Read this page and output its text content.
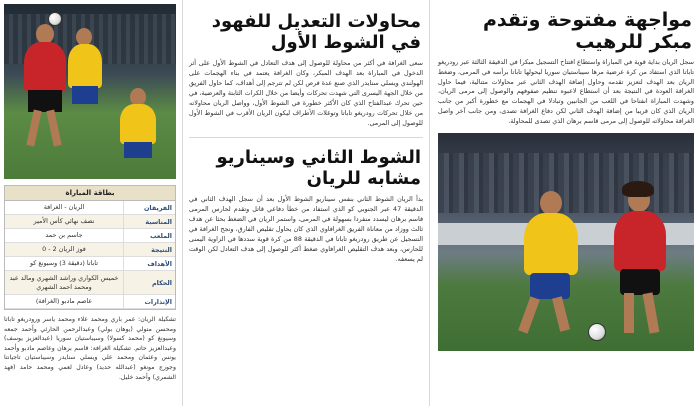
مواجهة مفتوحة وتقدم مبكر للرهيب

سجل الريان بداية قوية في المباراة واستطاع افتتاح التسجيل مبكرا في الدقيقة الثالثة عبر رودريغو تاباتا الذي استفاد من كرة عرضية مرها سيباستيان سوريا ليحولها تاباتا برأسه في المرمى، وضغط الريان بعد الهدف لتعزيز تقدمه وحاول إضافة الهدف الثاني عبر محاولات متتالية، فيما حاول الغرافة العودة في النتيجة بعد أن استطاع لاعبوه تنظيم صفوفهم والوصول إلى مرمى الريان، وشهدت المباراة انفتاحا في اللعب من الجانبين وتبادلا في الهجمات مع خطورة أكبر من جانب الريان الذي كان قريبا من إضافة الهدف الثاني لكن دفاع الغرافة تصدى، ومن جانب آخر واصل الغرافة محاولاته للوصول إلى مرمى قاسم برهان الذي تصدى للمحاولة.

محاولات التعديل للفهود في الشوط الأول

سعى الغرافة في أكثر من محاولة للوصول إلى هدف التعادل في الشوط الأول على أثر الدخول في المباراة بعد الهدف المبكر، وكان الغرافة يعتمد في بناء الهجمات على الهولندي ويسلي سنايدر الذي صنع عدة فرص لكن لم تترجم إلى أهداف، كما حاول الفريق من خلال الجهة اليسرى التي شهدت تحركات وأيضا من خلال الكرات الثابتة والعرضية، في حين تحرك عبدالفتاح الذي كان الأكثر خطورة في الشوط الأول، وواصل الريان محاولاته من خلال تحركات رودريغو تاباتا وتوغلات الأطراف ليكون الريان الأقرب في الشوط الأول للوصول إلى المرمى.

الشوط الثاني وسيناريو مشابه للريان

بدأ الريان الشوط الثاني بنفس سيناريو الشوط الأول بعد أن سجل الهدف الثاني في الدقيقة 47 عبر الجنوبي كو الذي استفاد من خطأ دفاعي قاتل وتقدم لحارس المرمى قاسم برهان ليسدد منفردا بسهولة في المرمى، واستمر الريان في الضغط بحثا عن هدف ثالث ووزاد من معاناة الفريق الغرافاوي الذي كان يحاول تقليص الفارق، ونجح الغرافة في التسجيل عن طريق رودريغو تاباتا في الدقيقة 88 من كرة قوية سددها في الزاوية اليمنى للحارس، وبعد هدف التقليص الغرافاوي ضغط أكثر للوصول إلى هدف التعادل لكن الوقت لم يسعفه.

بطاقة المباراة
الفريقان
الريان - الغرافة
المناسبة
نصف نهائي كأس الأمير
الملعب
جاسم بن حمد
النتيجة
فوز الريان 2 - 0
الأهداف
تاباتا (دقيقة 3) وسيونغ كو
الحكام
خميس الكواري وراشد الشهري ومالد عبد ومحمد احمد الشهري
الإنذارات
عاصم مادبو (الغرافة)

تشكيلة الريان: عمر باري ومحمد علاء ومحمد ياسر ورودريغو تاباتا ومحسن متولي (يوهان بولي) وعبدالرحمن الحارثي وأحمد جمعه وسيونغ كو (محمد كسولا) وسيباستيان سوريا (عبدالعزيز يوسف) وعبدالعزيز حاتم. تشكيلة الغرافة: قاسم برهان وعاصم مادبو وأحمد يونس وعثمان ومحمد علي ويسلي سنايدر وسيباستيان تاجيانتا وجورج مونغو (عبدالله حديد) وعادل لعمي ومحمد حامد (فهد الشمري) وأحمد خليل.
